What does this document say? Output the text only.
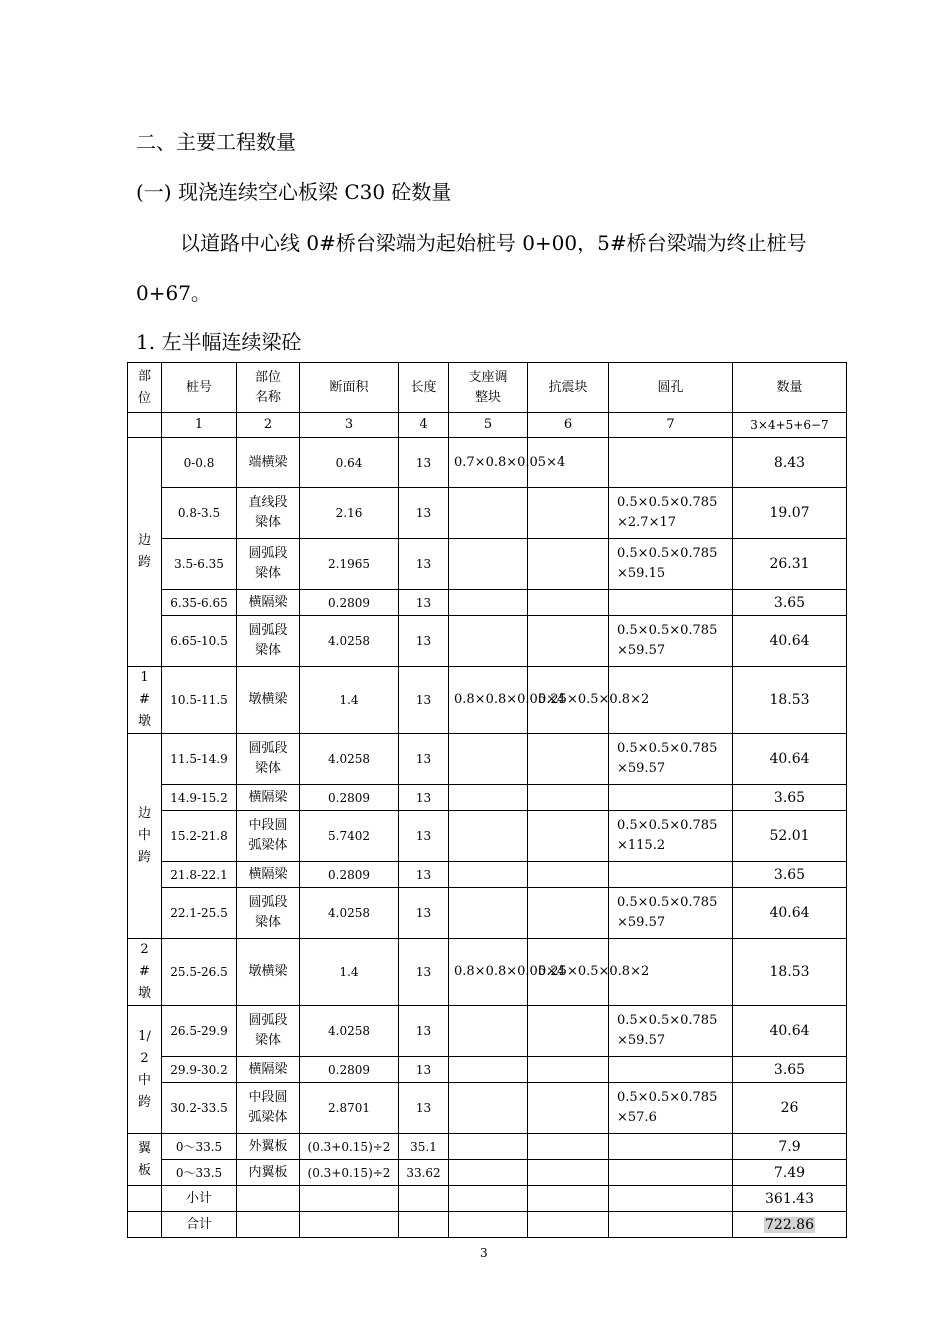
二、主要工程数量
(一) 现浇连续空心板梁 C30 砼数量
以道路中心线 0#桥台梁端为起始桩号 0+00，5#桥台梁端为终止桩号
0+67。
1. 左半幅连续梁砼
部位	桩号	部位名称	断面积	长度	支座调整块	抗震块	圆孔	数量
	1	2	3	4	5	6	7	3×4+5+6−7

边跨	0-0.8	端横梁	0.64	13	0.7×0.8×0.05×4			8.43
	0.8-3.5	直线段梁体	2.16	13			0.5×0.5×0.785×2.7×17	19.07
	3.5-6.35	圆弧段梁体	2.1965	13			0.5×0.5×0.785×59.15	26.31
	6.35-6.65	横隔梁	0.2809	13				3.65
	6.65-10.5	圆弧段梁体	4.0258	13			0.5×0.5×0.785×59.57	40.64

1#墩	10.5-11.5	墩横梁	1.4	13	0.8×0.8×0.05×4	0.25×0.5×0.8×2		18.53

边中跨	11.5-14.9	圆弧段梁体	4.0258	13			0.5×0.5×0.785×59.57	40.64
	14.9-15.2	横隔梁	0.2809	13				3.65
	15.2-21.8	中段圆弧梁体	5.7402	13			0.5×0.5×0.785×115.2	52.01
	21.8-22.1	横隔梁	0.2809	13				3.65
	22.1-25.5	圆弧段梁体	4.0258	13			0.5×0.5×0.785×59.57	40.64

2#墩	25.5-26.5	墩横梁	1.4	13	0.8×0.8×0.05×4	0.25×0.5×0.8×2		18.53

1/2中跨	26.5-29.9	圆弧段梁体	4.0258	13			0.5×0.5×0.785×59.57	40.64
	29.9-30.2	横隔梁	0.2809	13				3.65
	30.2-33.5	中段圆弧梁体	2.8701	13			0.5×0.5×0.785×57.6	26

翼板	0～33.5	外翼板	(0.3+0.15)÷2	35.1				7.9
	0～33.5	内翼板	(0.3+0.15)÷2	33.62				7.49
	小计							361.43
	合计							722.86
3
